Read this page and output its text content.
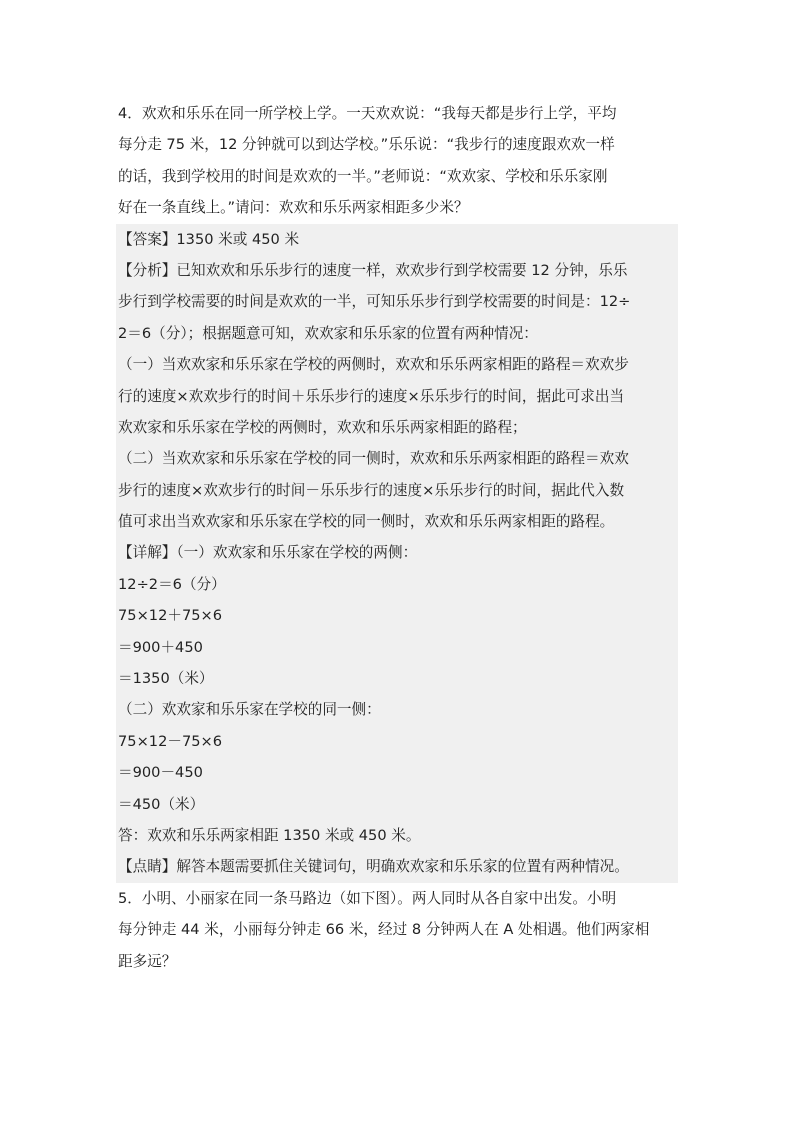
4．欢欢和乐乐在同一所学校上学。一天欢欢说：“我每天都是步行上学，平均
每分走 75 米，12 分钟就可以到达学校。”乐乐说：“我步行的速度跟欢欢一样
的话，我到学校用的时间是欢欢的一半。”老师说：“欢欢家、学校和乐乐家刚
好在一条直线上。”请问：欢欢和乐乐两家相距多少米？
【答案】1350 米或 450 米
【分析】已知欢欢和乐乐步行的速度一样，欢欢步行到学校需要 12 分钟，乐乐
步行到学校需要的时间是欢欢的一半，可知乐乐步行到学校需要的时间是：12÷
2＝6（分）；根据题意可知，欢欢家和乐乐家的位置有两种情况：
（一）当欢欢家和乐乐家在学校的两侧时，欢欢和乐乐两家相距的路程＝欢欢步
行的速度×欢欢步行的时间＋乐乐步行的速度×乐乐步行的时间，据此可求出当
欢欢家和乐乐家在学校的两侧时，欢欢和乐乐两家相距的路程；
（二）当欢欢家和乐乐家在学校的同一侧时，欢欢和乐乐两家相距的路程＝欢欢
步行的速度×欢欢步行的时间－乐乐步行的速度×乐乐步行的时间，据此代入数
值可求出当欢欢家和乐乐家在学校的同一侧时，欢欢和乐乐两家相距的路程。
【详解】（一）欢欢家和乐乐家在学校的两侧：
12÷2＝6（分）
75×12＋75×6
＝900＋450
＝1350（米）
（二）欢欢家和乐乐家在学校的同一侧：
75×12－75×6
＝900－450
＝450（米）
答：欢欢和乐乐两家相距 1350 米或 450 米。
【点睛】解答本题需要抓住关键词句，明确欢欢家和乐乐家的位置有两种情况。
5．小明、小丽家在同一条马路边（如下图）。两人同时从各自家中出发。小明
每分钟走 44 米，小丽每分钟走 66 米，经过 8 分钟两人在 A 处相遇。他们两家相
距多远？
